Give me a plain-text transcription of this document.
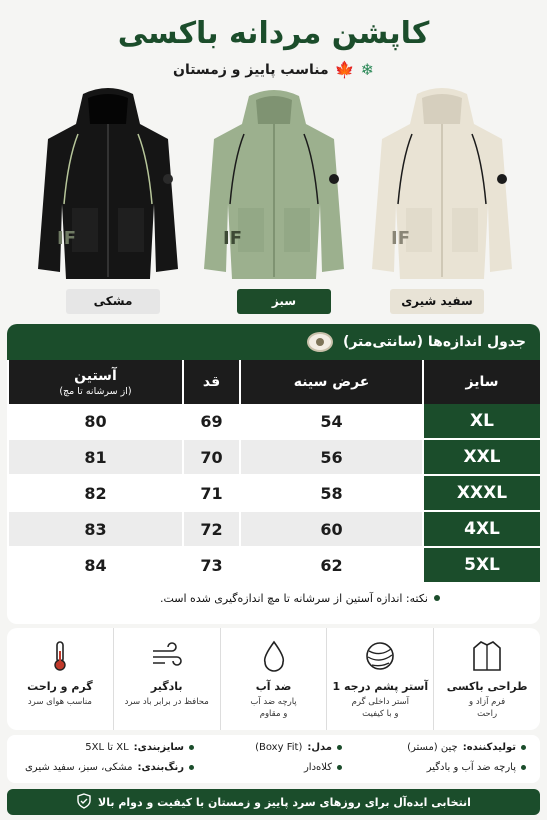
کاپشن مردانه باکسی
❄
🍁
مناسب پاییز و زمستان
IF	IF	IF
مشکی	سبز	سفید شیری
جدول اندازه‌ها (سانتی‌متر)
سایز	عرض سینه	قد	آستین
(از سرشانه تا مچ)

XL	54	69	80
XXL	56	70	81
XXXL	58	71	82
4XL	60	72	83
5XL	62	73	84
نکته: اندازه آستین از سرشانه تا مچ اندازه‌گیری شده است.
طراحی باکسی
فرم آزاد و
راحت
آستر پشم درجه 1
آستر داخلی گرم
و با کیفیت
ضد آب
پارچه ضد آب
و مقاوم
بادگیر
محافظ در برابر باد سرد
گرم و راحت
مناسب هوای سرد
تولیدکننده:
چین (مستر)
مدل:
(Boxy Fit)
سایزبندی:
XL تا 5XL
پارچه ضد آب و بادگیر
کلاه‌دار
رنگ‌بندی:
مشکی، سبز، سفید شیری
انتخابی ایده‌آل برای روزهای سرد پاییز و زمستان با کیفیت و دوام بالا
